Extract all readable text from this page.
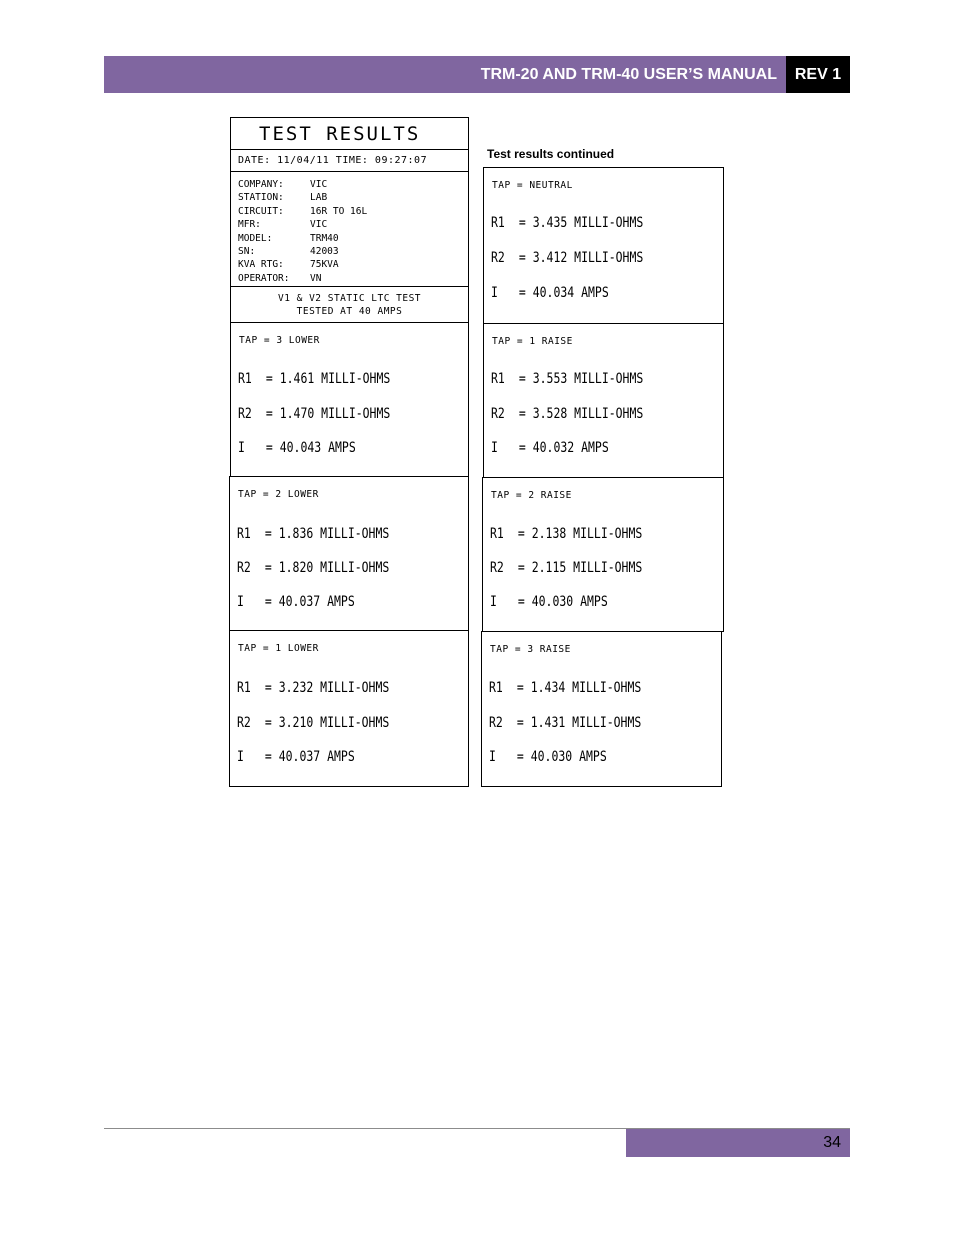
TRM-20 AND TRM-40 USER’S MANUAL	REV 1
TEST RESULTS
DATE: 11/04/11 TIME: 09:27:07
COMPANY:	VIC
STATION:	LAB
CIRCUIT:	16R TO 16L
MFR:	VIC
MODEL:	TRM40
SN:	42003
KVA RTG:	75KVA
OPERATOR:	VN
V1 & V2 STATIC LTC TEST
TESTED AT 40 AMPS
TAP = 3 LOWER
R1 = 1.461 MILLI-OHMS
R2 = 1.470 MILLI-OHMS
I = 40.043 AMPS
TAP = 2 LOWER
R1 = 1.836 MILLI-OHMS
R2 = 1.820 MILLI-OHMS
I = 40.037 AMPS
TAP = 1 LOWER
R1 = 3.232 MILLI-OHMS
R2 = 3.210 MILLI-OHMS
I = 40.037 AMPS
Test results continued
TAP = NEUTRAL
R1 = 3.435 MILLI-OHMS
R2 = 3.412 MILLI-OHMS
I = 40.034 AMPS
TAP = 1 RAISE
R1 = 3.553 MILLI-OHMS
R2 = 3.528 MILLI-OHMS
I = 40.032 AMPS
TAP = 2 RAISE
R1 = 2.138 MILLI-OHMS
R2 = 2.115 MILLI-OHMS
I = 40.030 AMPS
TAP = 3 RAISE
R1 = 1.434 MILLI-OHMS
R2 = 1.431 MILLI-OHMS
I = 40.030 AMPS
34
